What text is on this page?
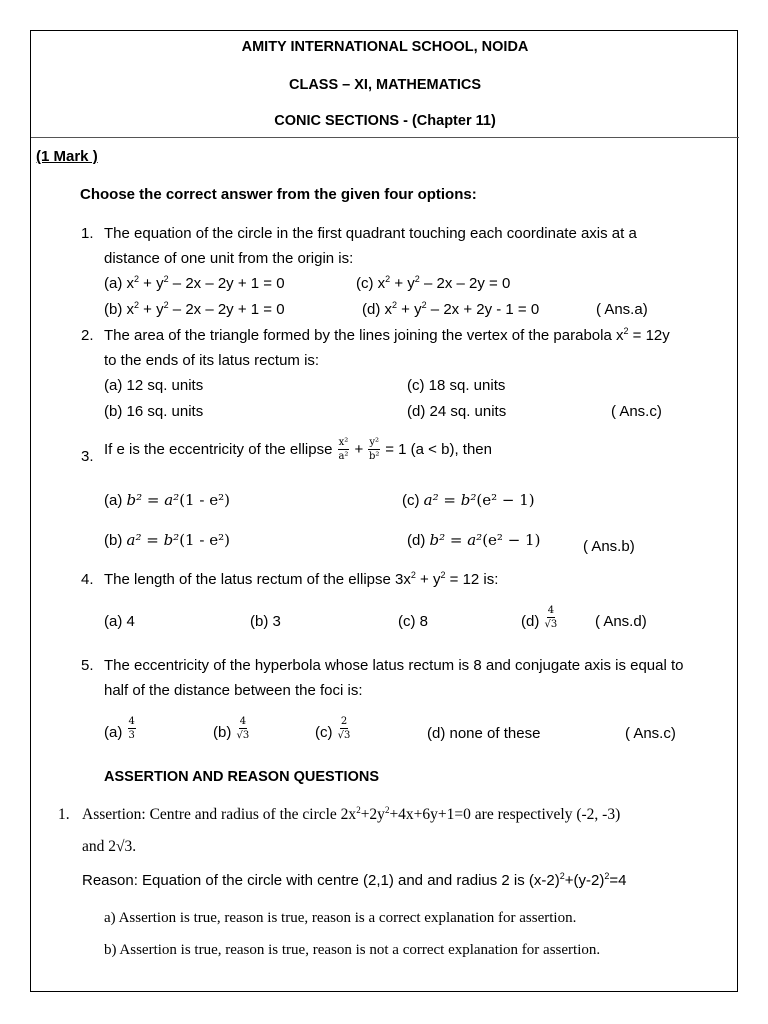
AMITY INTERNATIONAL SCHOOL, NOIDA
CLASS – XI, MATHEMATICS
CONIC SECTIONS - (Chapter 11)
(1 Mark )
Choose the correct answer from the given four options:
1. The equation of the circle in the first quadrant touching each coordinate axis at a
distance of one unit from the origin is:
(a) $x^2 + y^2 - 2x - 2y + 1 = 0$	(c) $x^2 + y^2 - 2x - 2y = 0$
(b) $x^2 + y^2 - 2x - 2y + 1 = 0$	(d) $x^2 + y^2 - 2x + 2y - 1 = 0$	( Ans.a)
2. The area of the triangle formed by the lines joining the vertex of the parabola $x^2 = 12y$
to the ends of its latus rectum is:
(a) 12 sq. units	(c) 18 sq. units
(b) 16 sq. units	(d) 24 sq. units	( Ans.c)
3. If e is the eccentricity of the ellipse
$\frac{\text{x²}}{\text{a²}}$
+
$\frac{\text{y²}}{\text{b²}}$
= 1 (a < b), then
(a) b² = a²(1 - e²)	(c) a² = b²(e² − 1)
(b) a² = b²(1 - e²)	(d) b² = a²(e² − 1)	( Ans.b)
4. The length of the latus rectum of the ellipse $3x^2 + y^2 = 12$ is:
(a) 4	(b) 3	(c) 8	(d)
$\frac{4}{√3}$	( Ans.d)
5. The eccentricity of the hyperbola whose latus rectum is 8 and conjugate axis is equal to
half of the distance between the foci is:
(a)
$\frac{4}{3}$	(b)
$\frac{4}{√3}$	(c)
$\frac{2}{√3}$	(d) none of these	( Ans.c)
ASSERTION AND REASON QUESTIONS
1. Assertion: Centre and radius of the circle $2x^2+2y^2+4x+6y+1=0$ are respectively (-2, -3)
and 2√3.
Reason: Equation of the circle with centre (2,1) and and radius 2 is $(x-2)^2+(y-2)^2=4$
a) Assertion is true, reason is true, reason is a correct explanation for assertion.
b) Assertion is true, reason is true, reason is not a correct explanation for assertion.
